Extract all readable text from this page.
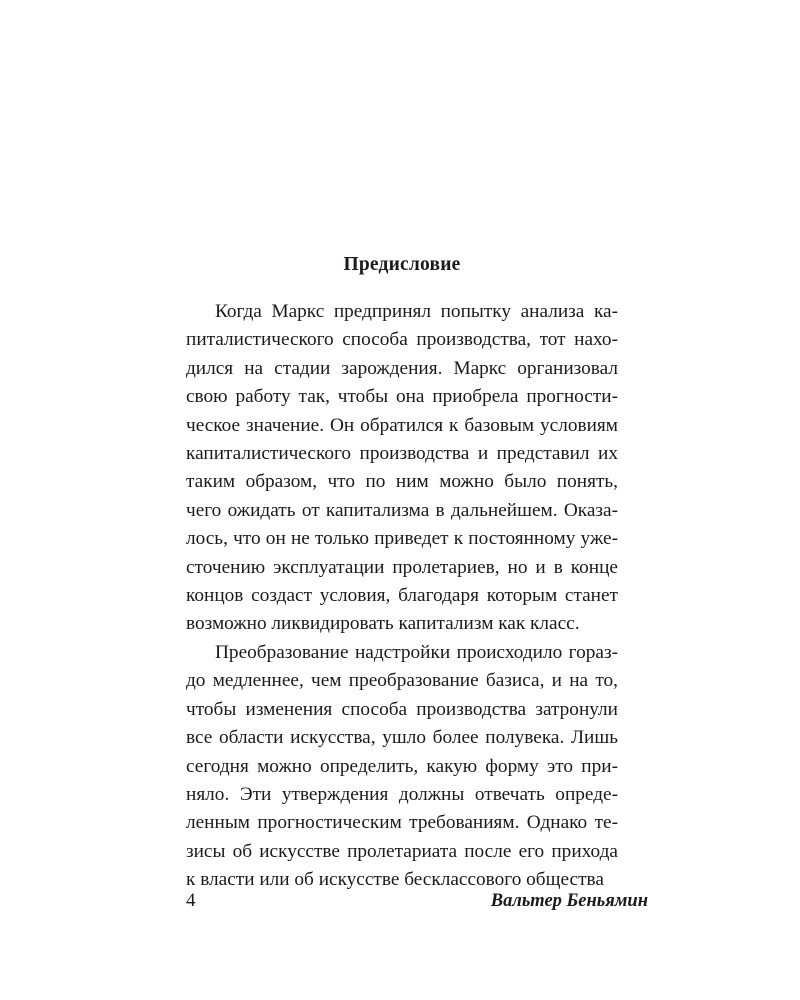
Предисловие

Когда Маркс предпринял попытку анализа капиталистического способа производства, тот находился на стадии зарождения. Маркс организовал свою работу так, чтобы она приобрела прогностическое значение. Он обратился к базовым условиям капиталистического производства и представил их таким образом, что по ним можно было понять, чего ожидать от капитализма в дальнейшем. Оказалось, что он не только приведет к постоянному ужесточению эксплуатации пролетариев, но и в конце концов создаст условия, благодаря которым станет возможно ликвидировать капитализм как класс.

Преобразование надстройки происходило гораздо медленнее, чем преобразование базиса, и на то, чтобы изменения способа производства затронули все области искусства, ушло более полувека. Лишь сегодня можно определить, какую форму это приняло. Эти утверждения должны отвечать определенным прогностическим требованиям. Однако тезисы об искусстве пролетариата после его прихода к власти или об искусстве бесклассового общества

4	Вальтер Беньямин
